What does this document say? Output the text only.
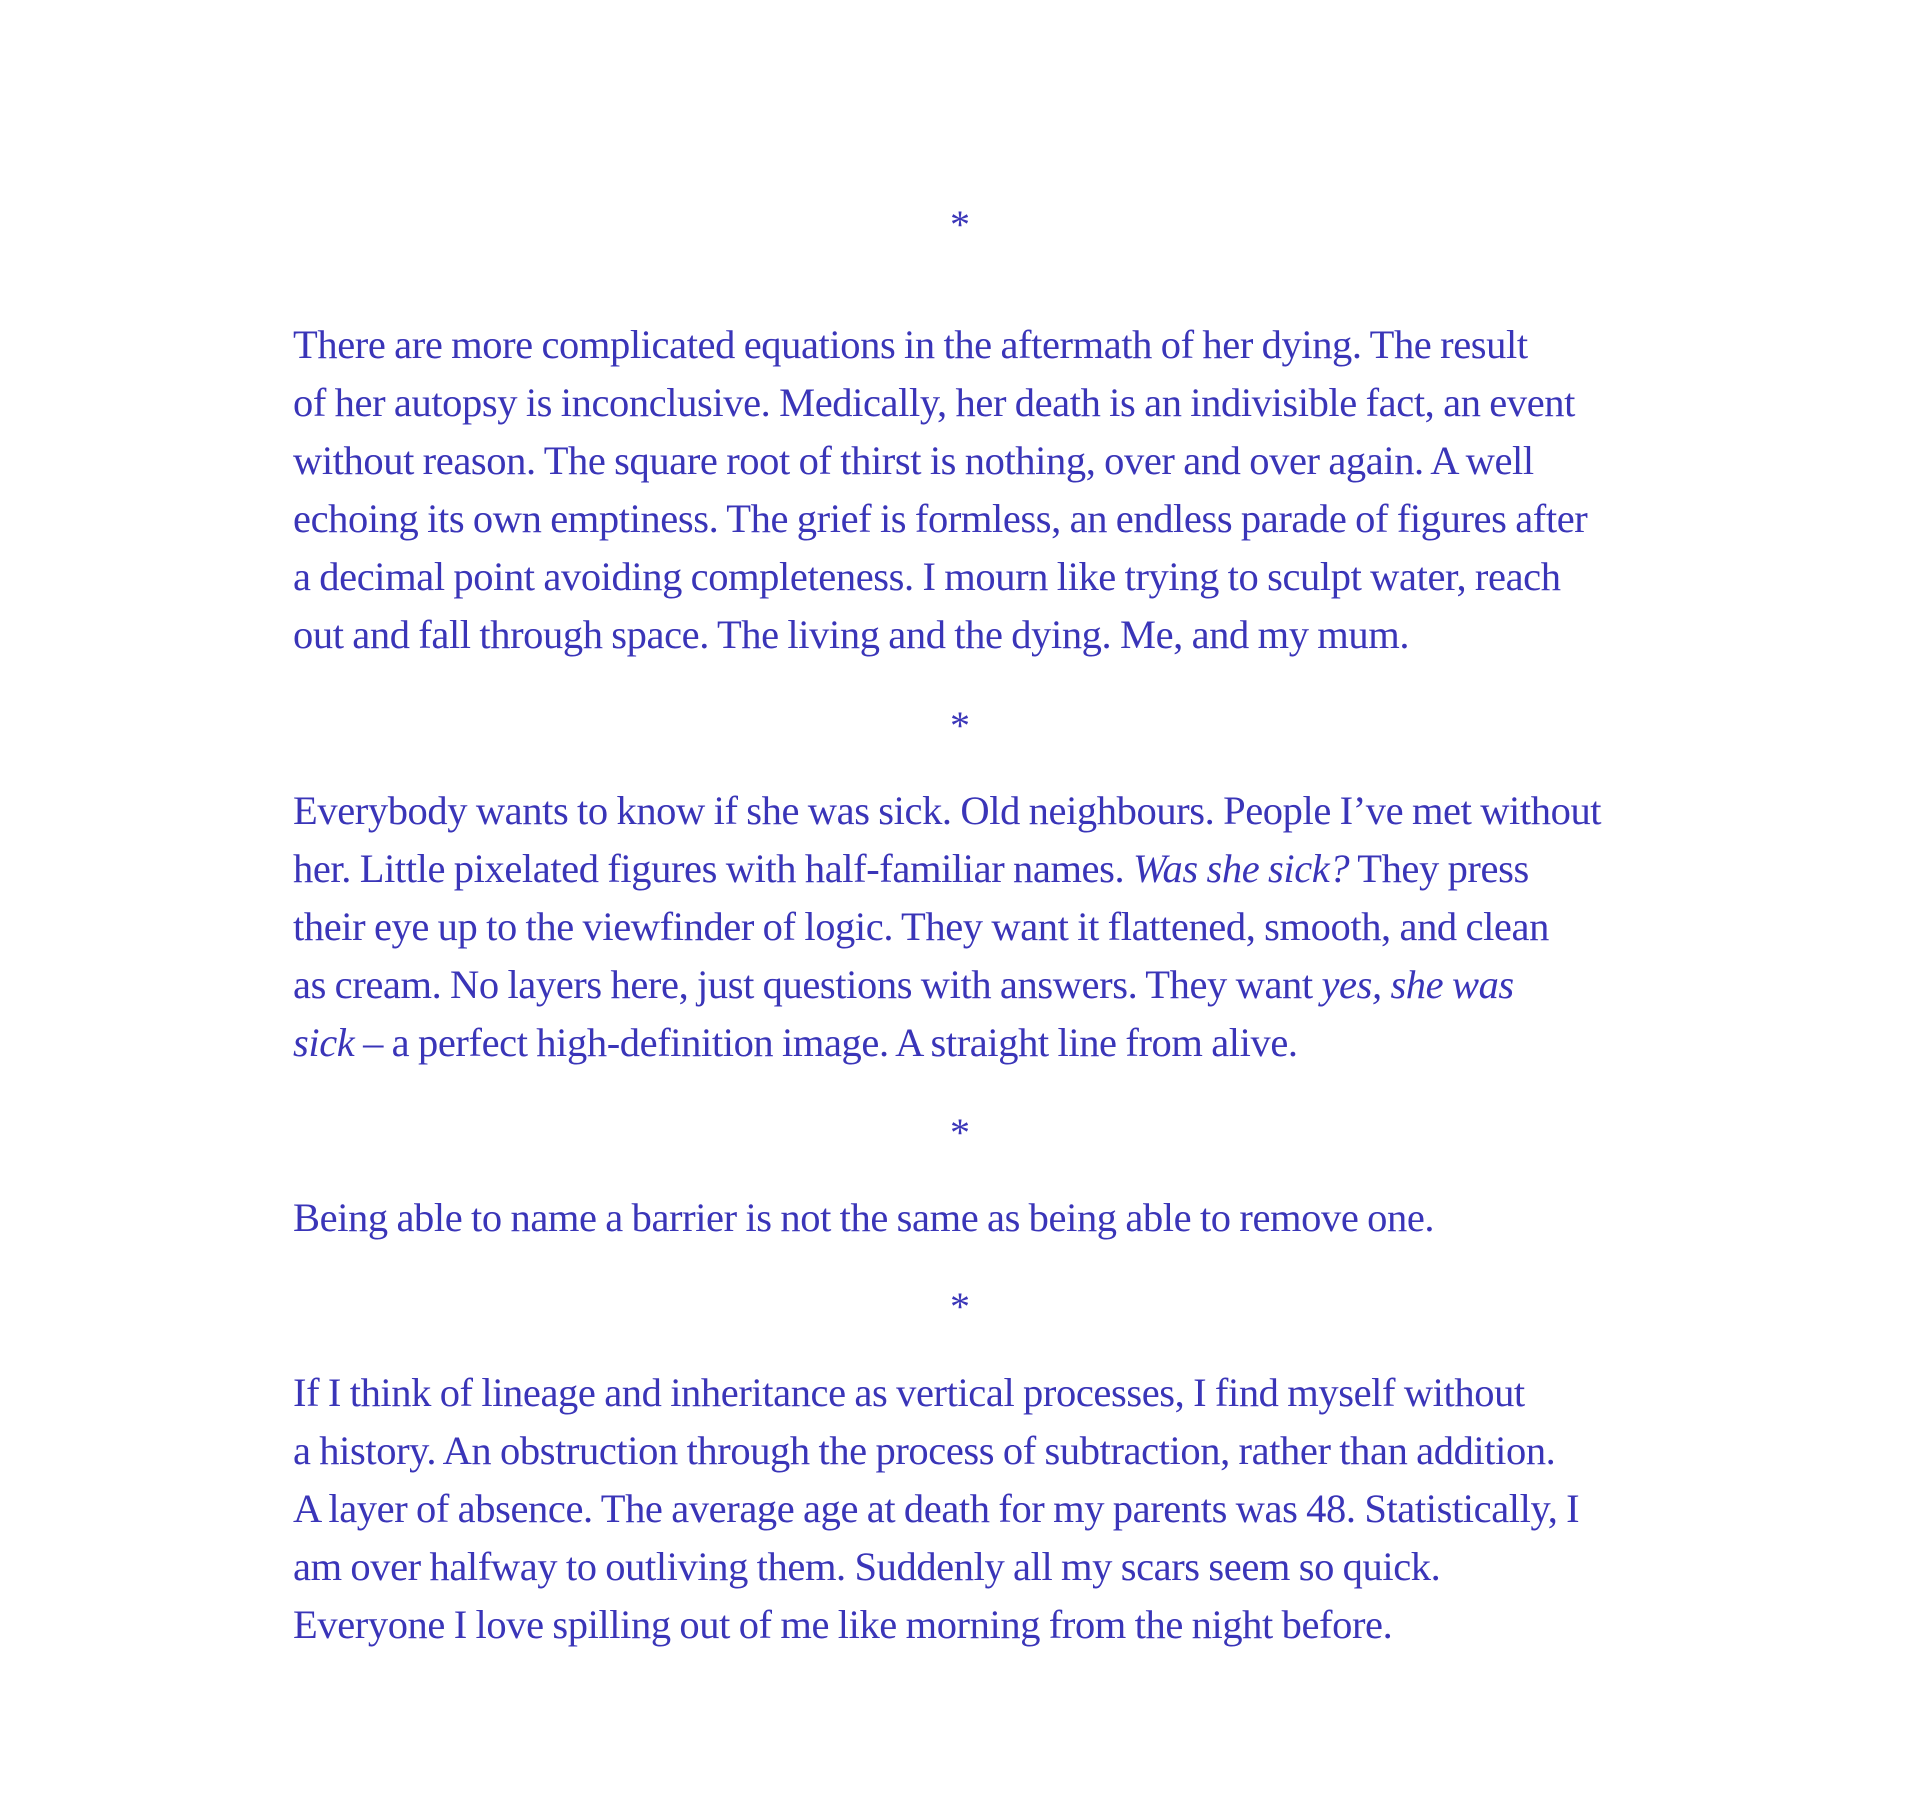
*

There are more complicated equations in the aftermath of her dying. The result
of her autopsy is inconclusive. Medically, her death is an indivisible fact, an event
without reason. The square root of thirst is nothing, over and over again. A well
echoing its own emptiness. The grief is formless, an endless parade of figures after
a decimal point avoiding completeness. I mourn like trying to sculpt water, reach
out and fall through space. The living and the dying. Me, and my mum.

*

Everybody wants to know if she was sick. Old neighbours. People I’ve met without
her. Little pixelated figures with half-familiar names. Was she sick? They press
their eye up to the viewfinder of logic. They want it flattened, smooth, and clean
as cream. No layers here, just questions with answers. They want yes, she was
sick – a perfect high-definition image. A straight line from alive.

*

Being able to name a barrier is not the same as being able to remove one.

*

If I think of lineage and inheritance as vertical processes, I find myself without
a history. An obstruction through the process of subtraction, rather than addition.
A layer of absence. The average age at death for my parents was 48. Statistically, I
am over halfway to outliving them. Suddenly all my scars seem so quick.
Everyone I love spilling out of me like morning from the night before.
